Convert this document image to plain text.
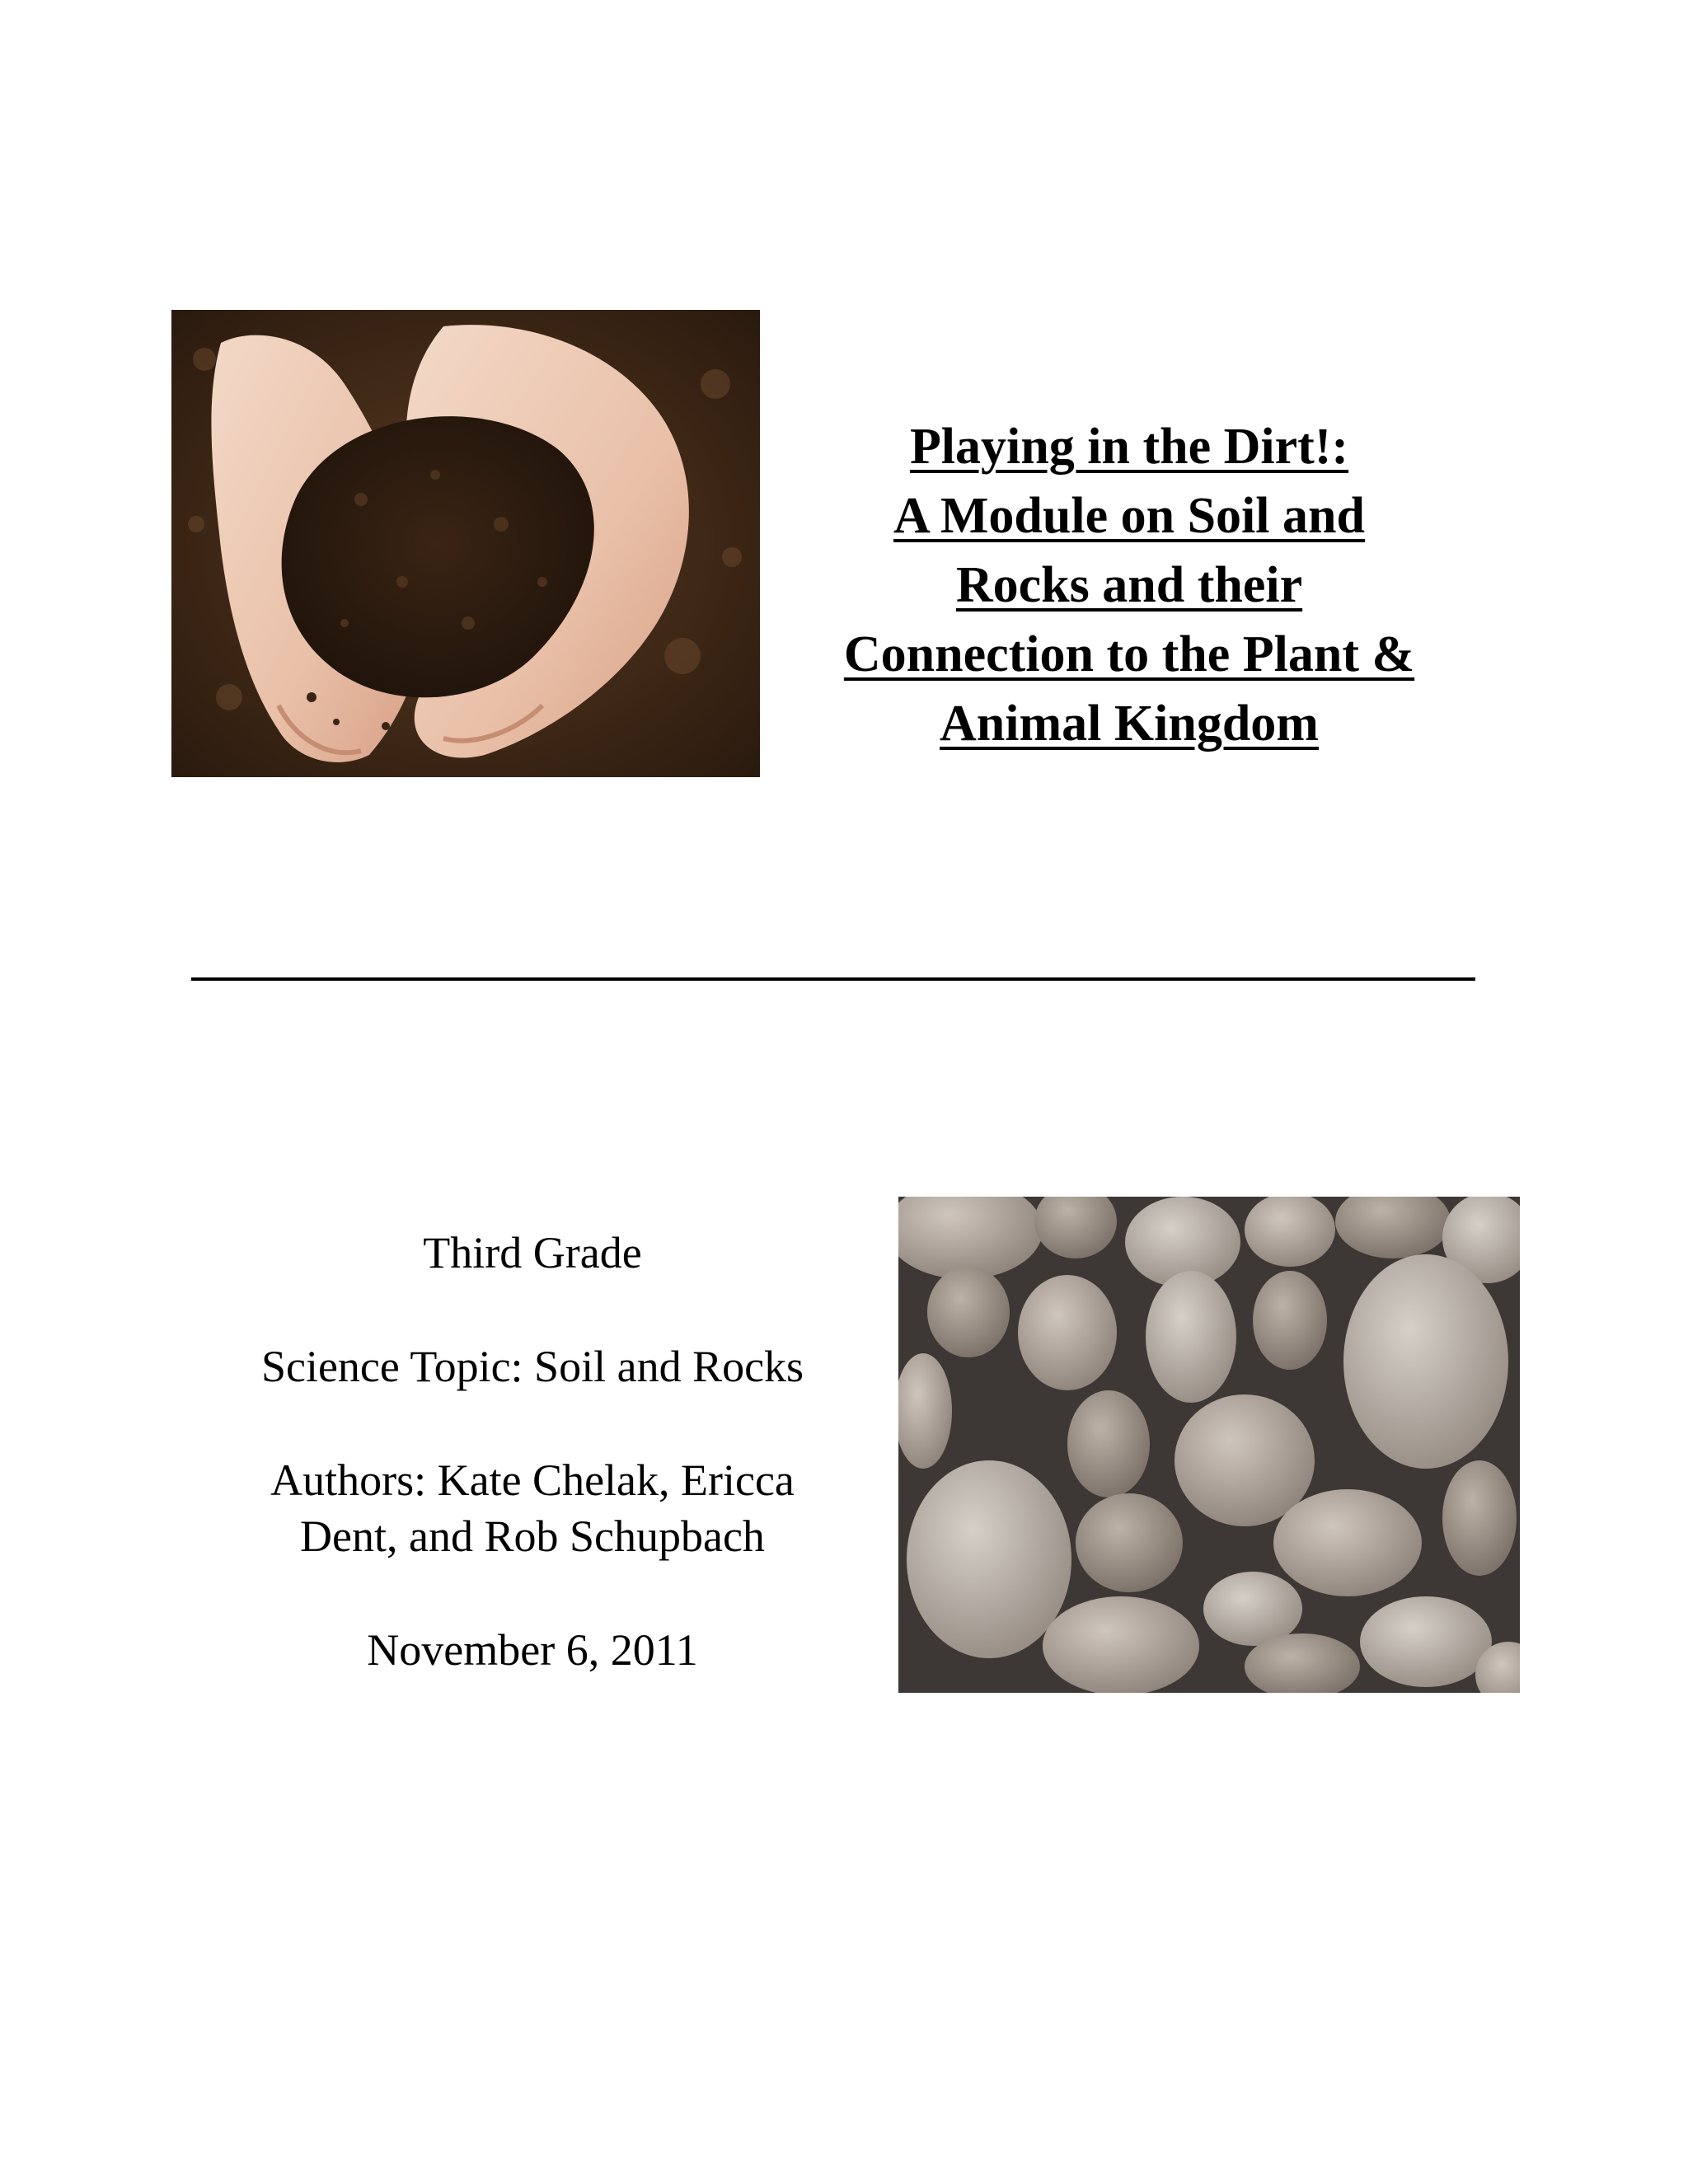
Playing in the Dirt!:
A Module on Soil and
Rocks and their
Connection to the Plant &
Animal Kingdom

Third Grade

Science Topic: Soil and Rocks

Authors: Kate Chelak, Ericca
Dent, and Rob Schupbach

November 6, 2011
